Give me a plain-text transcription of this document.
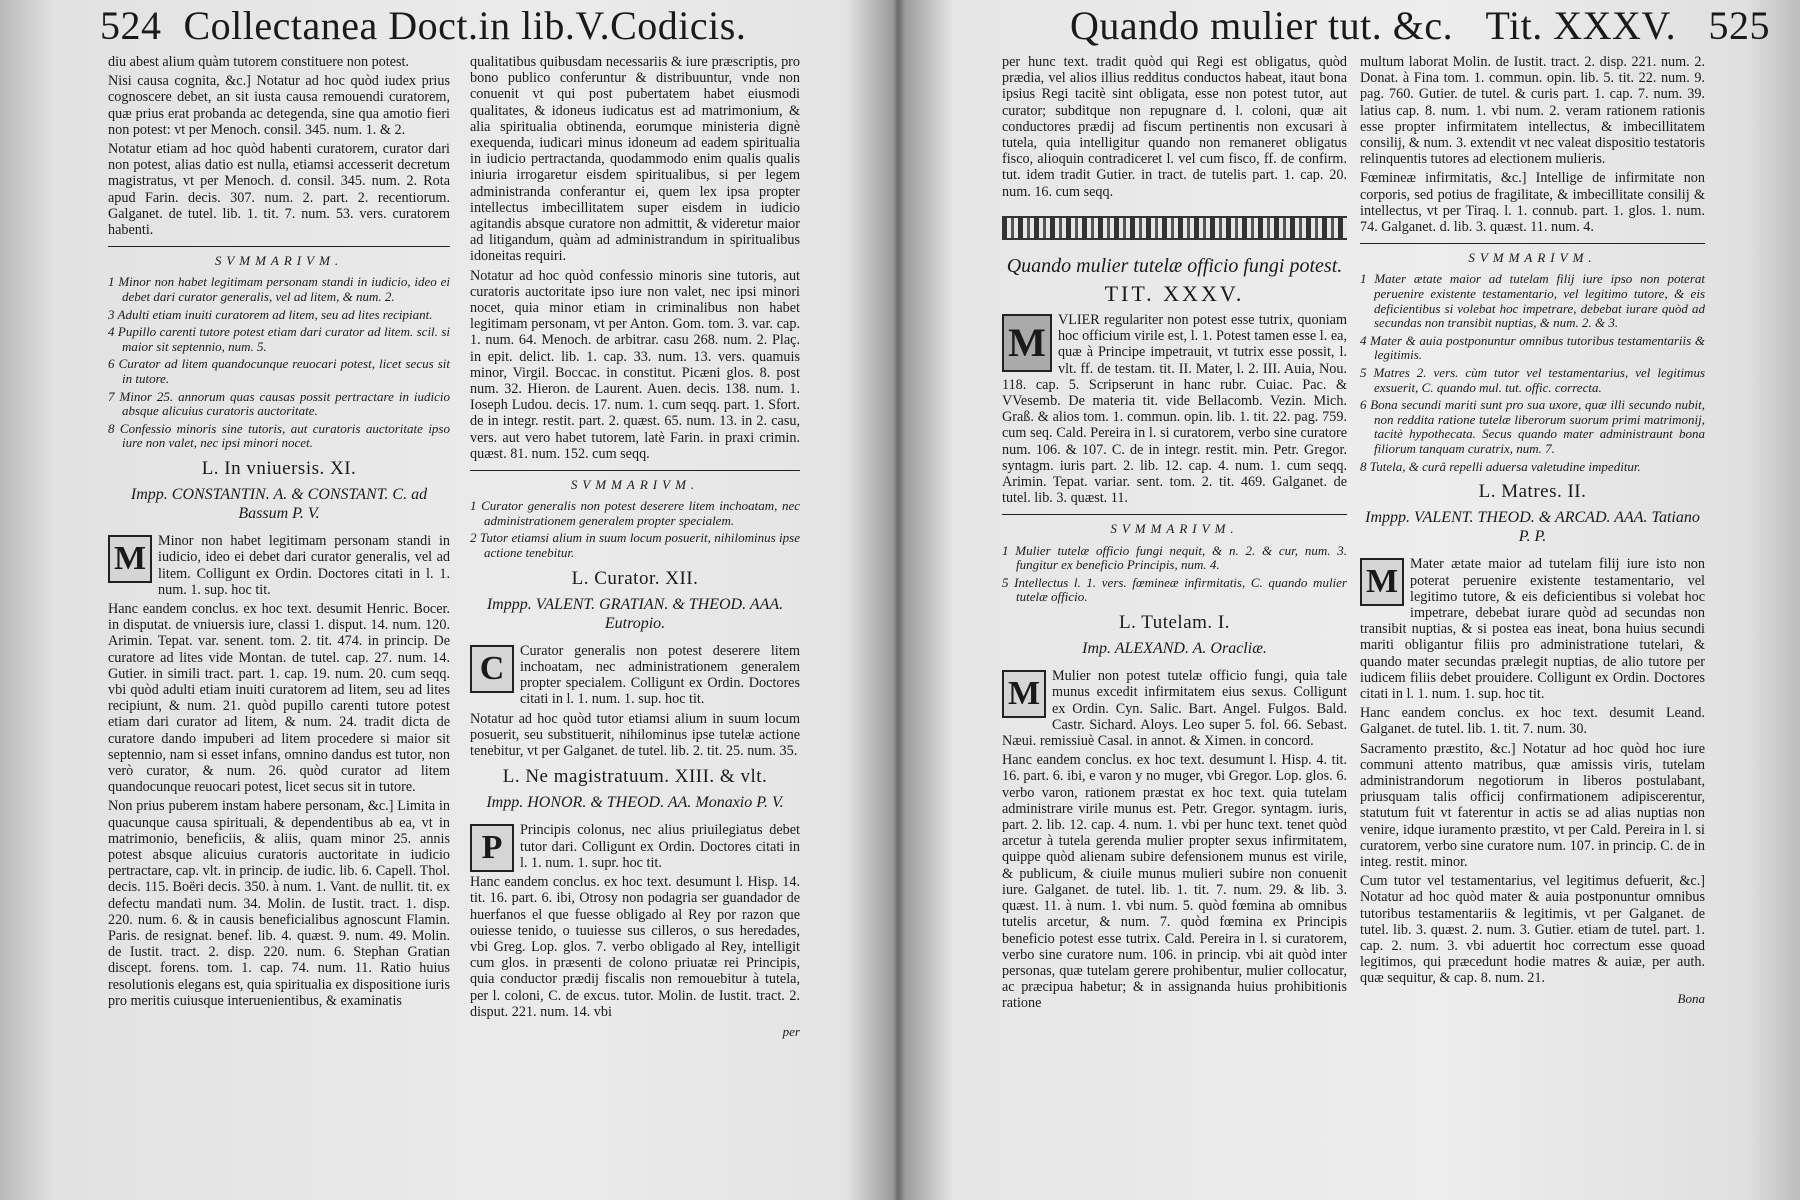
524 Collectanea Doct.in lib.V.Codicis.

diu abest alium quàm tutorem constituere non potest.

Nisi causa cognita, &c.] Notatur ad hoc quòd iudex prius cognoscere debet, an sit iusta causa remouendi curatorem, quæ prius erat probanda ac detegenda, sine qua amotio fieri non potest: vt per Menoch. consil. 345. num. 1. & 2.

Notatur etiam ad hoc quòd habenti curatorem, curator dari non potest, alias datio est nulla, etiamsi accesserit decretum magistratus, vt per Menoch. d. consil. 345. num. 2. Rota apud Farin. decis. 307. num. 2. part. 2. recentiorum. Galganet. de tutel. lib. 1. tit. 7. num. 53. vers. curatorem habenti.

SVMMARIVM.
1 Minor non habet legitimam personam standi in iudicio, ideo ei debet dari curator generalis, vel ad litem, & num. 2.
3 Adulti etiam inuiti curatorem ad litem, seu ad lites recipiant.
4 Pupillo carenti tutore potest etiam dari curator ad litem. scil. si maior sit septennio, num. 5.
6 Curator ad litem quandocunque reuocari potest, licet secus sit in tutore.
7 Minor 25. annorum quas causas possit pertractare in iudicio absque alicuius curatoris auctoritate.
8 Confessio minoris sine tutoris, aut curatoris auctoritate ipso iure non valet, nec ipsi minori nocet.
L. In vniuersis. XI.
Impp. CONSTANTIN. A. & CONSTANT. C. ad Bassum P. V.

M Minor non habet legitimam personam standi in iudicio, ideo ei debet dari curator generalis, vel ad litem. Colligunt ex Ordin. Doctores citati in l. 1. num. 1. sup. hoc tit.

Hanc eandem conclus. ex hoc text. desumit Henric. Bocer. in disputat. de vniuersis iure, classi 1. disput. 14. num. 120. Arimin. Tepat. var. senent. tom. 2. tit. 474. in princip. De curatore ad lites vide Montan. de tutel. cap. 27. num. 14. Gutier. in simili tract. part. 1. cap. 19. num. 20. cum seqq. vbi quòd adulti etiam inuiti curatorem ad litem, seu ad lites recipiunt, & num. 21. quòd pupillo carenti tutore potest etiam dari curator ad litem, & num. 24. tradit dicta de curatore dando impuberi ad litem procedere si maior sit septennio, nam si esset infans, omnino dandus est tutor, non verò curator, & num. 26. quòd curator ad litem quandocunque reuocari potest, licet secus sit in tutore.

Non prius puberem instam habere personam, &c.] Limita in quacunque causa spirituali, & dependentibus ab ea, vt in matrimonio, beneficiis, & aliis, quam minor 25. annis potest absque alicuius curatoris auctoritate in iudicio pertractare, cap. vlt. in princip. de iudic. lib. 6. Capell. Thol. decis. 115. Boëri decis. 350. à num. 1. Vant. de nullit. tit. ex defectu mandati num. 34. Molin. de Iustit. tract. 1. disp. 220. num. 6. & in causis beneficialibus agnoscunt Flamin. Paris. de resignat. benef. lib. 4. quæst. 9. num. 49. Molin. de Iustit. tract. 2. disp. 220. num. 6. Stephan Gratian discept. forens. tom. 1. cap. 74. num. 11. Ratio huius resolutionis elegans est, quia spiritualia ex dispositione iuris pro meritis cuiusque interuenientibus, & examinatis

qualitatibus quibusdam necessariis & iure præscriptis, pro bono publico conferuntur & distribuuntur, vnde non conuenit vt qui post pubertatem habet eiusmodi qualitates, & idoneus iudicatus est ad matrimonium, & alia spiritualia obtinenda, eorumque ministeria dignè exequenda, iudicari minus idoneum ad eadem spiritualia in iudicio pertractanda, quodammodo enim qualis qualis iniuria irrogaretur eisdem spiritualibus, si per legem administranda conferantur ei, quem lex ipsa propter intellectus imbecillitatem super eisdem in iudicio agitandis absque curatore non admittit, & videretur maior ad litigandum, quàm ad administrandum in spiritualibus idoneitas requiri.

Notatur ad hoc quòd confessio minoris sine tutoris, aut curatoris auctoritate ipso iure non valet, nec ipsi minori nocet, quia minor etiam in criminalibus non habet legitimam personam, vt per Anton. Gom. tom. 3. var. cap. 1. num. 64. Menoch. de arbitrar. casu 268. num. 2. Plaç. in epit. delict. lib. 1. cap. 33. num. 13. vers. quamuis minor, Virgil. Boccac. in constitut. Picæni glos. 8. post num. 32. Hieron. de Laurent. Auen. decis. 138. num. 1. Ioseph Ludou. decis. 17. num. 1. cum seqq. part. 1. Sfort. de in integr. restit. part. 2. quæst. 65. num. 13. in 2. casu, vers. aut vero habet tutorem, latè Farin. in praxi crimin. quæst. 81. num. 152. cum seqq.

SVMMARIVM.
1 Curator generalis non potest deserere litem inchoatam, nec administrationem generalem propter specialem.
2 Tutor etiamsi alium in suum locum posuerit, nihilominus ipse actione tenebitur.
L. Curator. XII.
Imppp. VALENT. GRATIAN. & THEOD. AAA. Eutropio.

C	Curator generalis non potest deserere litem inchoatam, nec administrationem generalem propter specialem. Colligunt ex Ordin. Doctores citati in l. 1. num. 1. sup. hoc tit.

Notatur ad hoc quòd tutor etiamsi alium in suum locum posuerit, seu substituerit, nihilominus ipse tutelæ actione tenebitur, vt per Galganet. de tutel. lib. 2. tit. 25. num. 35.

L. Ne magistratuum. XIII. & vlt.
Impp. HONOR. & THEOD. AA. Monaxio P. V.

P	Principis colonus, nec alius priuilegiatus debet tutor dari. Colligunt ex Ordin. Doctores citati in l. 1. num. 1. supr. hoc tit.

Hanc eandem conclus. ex hoc text. desumunt l. Hisp. 14. tit. 16. part. 6. ibi, Otrosy non podagria ser guandador de huerfanos el que fuesse obligado al Rey por razon que ouiesse tenido, o tuuiesse sus cilleros, o sus heredades, vbi Greg. Lop. glos. 7. verbo obligado al Rey, intelligit cum glos. in præsenti de colono priuatæ rei Principis, quia conductor prædij fiscalis non remouebitur à tutela, per l. coloni, C. de excus. tutor. Molin. de Iustit. tract. 2. disput. 221. num. 14. vbi

per
Quando mulier tut. &c. Tit. XXXV. 525

per hunc text. tradit quòd qui Regi est obligatus, quòd prædia, vel alios illius redditus conductos habeat, itaut bona ipsius Regi tacitè sint obligata, esse non potest tutor, aut curator; subditque non repugnare d. l. coloni, quæ ait conductores prædij ad fiscum pertinentis non excusari à tutela, quia intelligitur quando non remaneret obligatus fisco, alioquin contradiceret l. vel cum fisco, ff. de confirm. tut. idem tradit Gutier. in tract. de tutelis part. 1. cap. 20. num. 16. cum seqq.

Quando mulier tutelæ officio fungi potest.
TIT. XXXV.

M VLIER regulariter non potest esse tutrix, quoniam hoc officium virile est, l. 1. Potest tamen esse l. ea, quæ à Principe impetrauit, vt tutrix esse possit, l. vlt. ff. de testam. tit. II. Mater, l. 2. III. Auia, Nou. 118. cap. 5. Scripserunt in hanc rubr. Cuiac. Pac. & VVesemb. De materia tit. vide Bellacomb. Vezin. Mich. Graß. & alios tom. 1. commun. opin. lib. 1. tit. 22. pag. 759. cum seq. Cald. Pereira in l. si curatorem, verbo sine curatore num. 106. & 107. C. de in integr. restit. min. Petr. Gregor. syntagm. iuris part. 2. lib. 12. cap. 4. num. 1. cum seqq. Arimin. Tepat. variar. sent. tom. 2. tit. 469. Galganet. de tutel. lib. 3. quæst. 11.

SVMMARIVM.
1 Mulier tutelæ officio fungi nequit, & n. 2. & cur, num. 3. fungitur ex beneficio Principis, num. 4.
5 Intellectus l. 1. vers. fœmineæ infirmitatis, C. quando mulier tutelæ officio.
L. Tutelam. I.
Imp. ALEXAND. A. Oracliæ.

M Mulier non potest tutelæ officio fungi, quia tale munus excedit infirmitatem eius sexus. Colligunt ex Ordin. Cyn. Salic. Bart. Angel. Fulgos. Bald. Castr. Sichard. Aloys. Leo super 5. fol. 66. Sebast. Næui. remissiuè Casal. in annot. & Ximen. in concord.

Hanc eandem conclus. ex hoc text. desumunt l. Hisp. 4. tit. 16. part. 6. ibi, e varon y no muger, vbi Gregor. Lop. glos. 6. verbo varon, rationem præstat ex hoc text. quia tutelam administrare virile munus est. Petr. Gregor. syntagm. iuris, part. 2. lib. 12. cap. 4. num. 1. vbi per hunc text. tenet quòd arcetur à tutela gerenda mulier propter sexus infirmitatem, quippe quòd alienam subire defensionem munus est virile, & publicum, & ciuile munus mulieri subire non conuenit iure. Galganet. de tutel. lib. 1. tit. 7. num. 29. & lib. 3. quæst. 11. à num. 1. vbi num. 5. quòd fœmina ab omnibus tutelis arcetur, & num. 7. quòd fœmina ex Principis beneficio potest esse tutrix. Cald. Pereira in l. si curatorem, verbo sine curatore num. 106. in princip. vbi ait quòd inter personas, quæ tutelam gerere prohibentur, mulier collocatur, ac præcipua habetur; & in assignanda huius prohibitionis ratione

multum laborat Molin. de Iustit. tract. 2. disp. 221. num. 2. Donat. à Fina tom. 1. commun. opin. lib. 5. tit. 22. num. 9. pag. 760. Gutier. de tutel. & curis part. 1. cap. 7. num. 39. latius cap. 8. num. 1. vbi num. 2. veram rationem rationis esse propter infirmitatem intellectus, & imbecillitatem consilij, & num. 3. extendit vt nec valeat dispositio testatoris relinquentis tutores ad electionem mulieris.

Fœmineæ infirmitatis, &c.] Intellige de infirmitate non corporis, sed potius de fragilitate, & imbecillitate consilij & intellectus, vt per Tiraq. l. 1. connub. part. 1. glos. 1. num. 74. Galganet. d. lib. 3. quæst. 11. num. 4.

SVMMARIVM.
1 Mater ætate maior ad tutelam filij iure ipso non poterat peruenire existente testamentario, vel legitimo tutore, & eis deficientibus si volebat hoc impetrare, debebat iurare quòd ad secundas non transibit nuptias, & num. 2. & 3.
4 Mater & auia postponuntur omnibus tutoribus testamentariis & legitimis.
5 Matres 2. vers. cùm tutor vel testamentarius, vel legitimus exsuerit, C. quando mul. tut. offic. correcta.
6 Bona secundi mariti sunt pro sua uxore, quæ illi secundo nubit, non reddita ratione tutelæ liberorum suorum primi matrimonij, tacitè hypothecata. Secus quando mater administraunt bona filiorum tanquam curatrix, num. 7.
8 Tutela, & curâ repelli aduersa valetudine impeditur.
L. Matres. II.
Imppp. VALENT. THEOD. & ARCAD. AAA. Tatiano P. P.

M Mater ætate maior ad tutelam filij iure isto non poterat peruenire existente testamentario, vel legitimo tutore, & eis deficientibus si volebat hoc impetrare, debebat iurare quòd ad secundas non transibit nuptias, & si postea eas ineat, bona huius secundi mariti obligantur filiis pro administratione tutelari, & quando mater secundas prælegit nuptias, de alio tutore per iudicem filiis debet prouidere. Colligunt ex Ordin. Doctores citati in l. 1. num. 1. sup. hoc tit.

Hanc eandem conclus. ex hoc text. desumit Leand. Galganet. de tutel. lib. 1. tit. 7. num. 30.

Sacramento præstito, &c.] Notatur ad hoc quòd hoc iure communi attento matribus, quæ amissis viris, tutelam administrandorum negotiorum in liberos postulabant, priusquam talis officij confirmationem adipiscerentur, statutum fuit vt faterentur in actis se ad alias nuptias non venire, idque iuramento præstito, vt per Cald. Pereira in l. si curatorem, verbo sine curatore num. 107. in princip. C. de in integ. restit. minor.

Cum tutor vel testamentarius, vel legitimus defuerit, &c.] Notatur ad hoc quòd mater & auia postponuntur omnibus tutoribus testamentariis & legitimis, vt per Galganet. de tutel. lib. 3. quæst. 2. num. 3. Gutier. etiam de tutel. part. 1. cap. 2. num. 3. vbi aduertit hoc correctum esse quoad legitimos, qui præcedunt hodie matres & auiæ, per auth. quæ sequitur, & cap. 8. num. 21.

Bona
